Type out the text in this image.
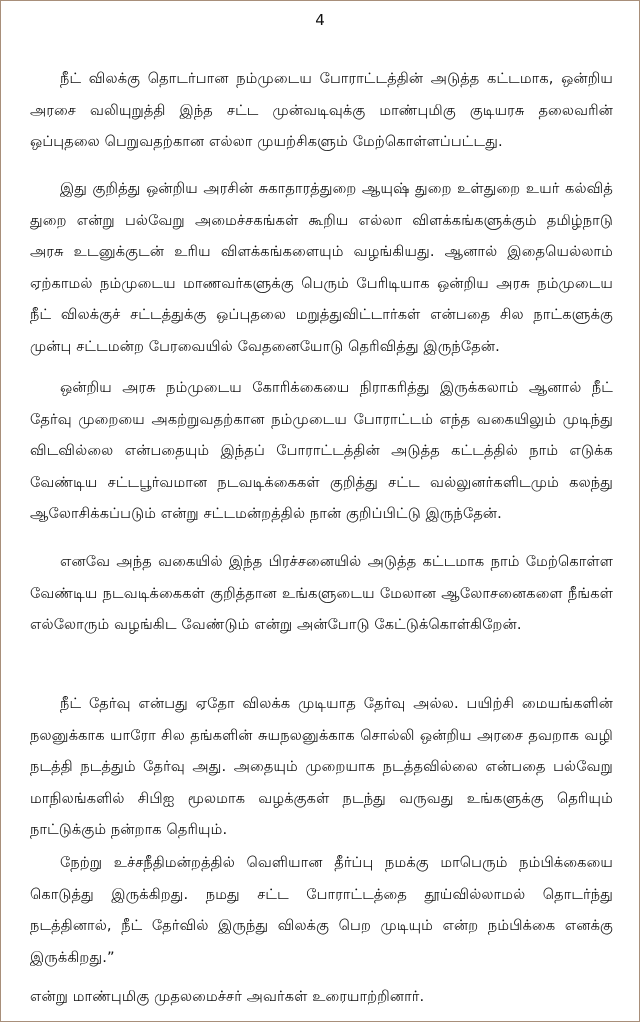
4

நீட் விலக்கு தொடர்பான நம்முடைய போராட்டத்தின் அடுத்த கட்டமாக, ஒன்றிய அரசை வலியுறுத்தி இந்த சட்ட முன்வடிவுக்கு மாண்புமிகு குடியரசு தலைவரின் ஒப்புதலை பெறுவதற்கான எல்லா முயற்சிகளும் மேற்கொள்ளப்பட்டது.

இது குறித்து ஒன்றிய அரசின் சுகாதாரத்துறை ஆயுஷ் துறை உள்துறை உயர் கல்வித் துறை என்று பல்வேறு அமைச்சகங்கள் கூறிய எல்லா விளக்கங்களுக்கும் தமிழ்நாடு அரசு உடனுக்குடன் உரிய விளக்கங்களையும் வழங்கியது. ஆனால் இதையெல்லாம் ஏற்காமல் நம்முடைய மாணவர்களுக்கு பெரும் பேரிடியாக ஒன்றிய அரசு நம்முடைய நீட் விலக்குச் சட்டத்துக்கு ஒப்புதலை மறுத்துவிட்டார்கள் என்பதை சில நாட்களுக்கு முன்பு சட்டமன்ற பேரவையில் வேதனையோடு தெரிவித்து இருந்தேன்.

ஒன்றிய அரசு நம்முடைய கோரிக்கையை நிராகரித்து இருக்கலாம் ஆனால் நீட் தேர்வு முறையை அகற்றுவதற்கான நம்முடைய போராட்டம் எந்த வகையிலும் முடிந்து விடவில்லை என்பதையும் இந்தப் போராட்டத்தின் அடுத்த கட்டத்தில் நாம் எடுக்க வேண்டிய சட்டபூர்வமான நடவடிக்கைகள் குறித்து சட்ட வல்லுனர்களிடமும் கலந்து ஆலோசிக்கப்படும் என்று சட்டமன்றத்தில் நான் குறிப்பிட்டு இருந்தேன்.

எனவே அந்த வகையில் இந்த பிரச்சனையில் அடுத்த கட்டமாக நாம் மேற்கொள்ள வேண்டிய நடவடிக்கைகள் குறித்தான உங்களுடைய மேலான ஆலோசனைகளை நீங்கள் எல்லோரும் வழங்கிட வேண்டும் என்று அன்போடு கேட்டுக்கொள்கிறேன்.

நீட் தேர்வு என்பது ஏதோ விலக்க முடியாத தேர்வு அல்ல. பயிற்சி மையங்களின் நலனுக்காக யாரோ சில தங்களின் சுயநலனுக்காக சொல்லி ஒன்றிய அரசை தவறாக வழி நடத்தி நடத்தும் தேர்வு அது. அதையும் முறையாக நடத்தவில்லை என்பதை பல்வேறு மாநிலங்களில் சிபிஐ மூலமாக வழக்குகள் நடந்து வருவது உங்களுக்கு தெரியும் நாட்டுக்கும் நன்றாக தெரியும்.

நேற்று உச்சநீதிமன்றத்தில் வெளியான தீர்ப்பு நமக்கு மாபெரும் நம்பிக்கையை கொடுத்து இருக்கிறது. நமது சட்ட போராட்டத்தை தூய்வில்லாமல் தொடர்ந்து நடத்தினால், நீட் தேர்வில் இருந்து விலக்கு பெற முடியும் என்ற நம்பிக்கை எனக்கு இருக்கிறது.”

என்று மாண்புமிகு முதலமைச்சர் அவர்கள் உரையாற்றினார்.
